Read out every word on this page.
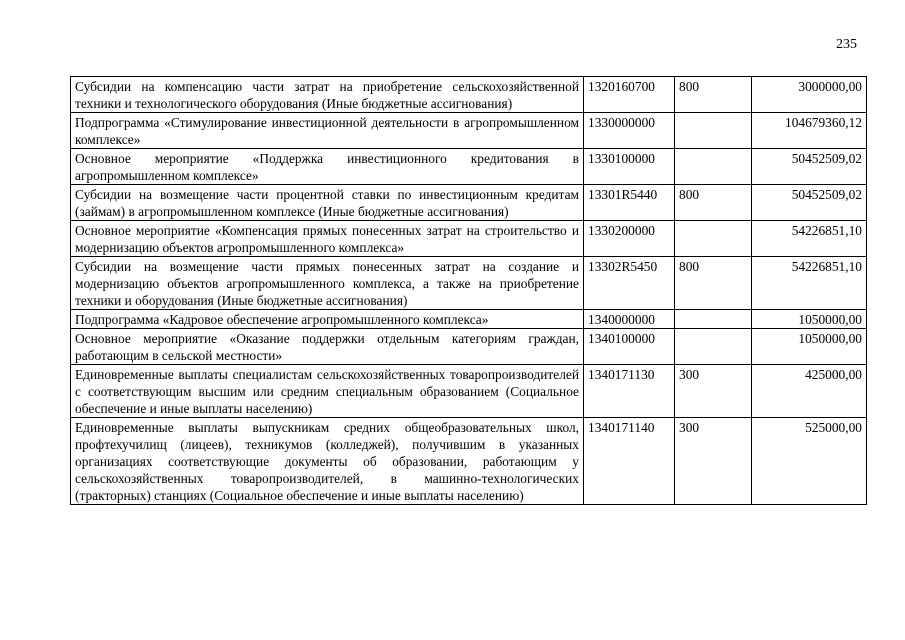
235
Субсидии на компенсацию части затрат на приобретение сельскохозяйственной техники и технологического оборудования (Иные бюджетные ассигнования)	1320160700	800	3000000,00
Подпрограмма «Стимулирование инвестиционной деятельности в агропромышленном комплексе»	1330000000		104679360,12
Основное мероприятие «Поддержка инвестиционного кредитования в агропромышленном комплексе»	1330100000		50452509,02
Субсидии на возмещение части процентной ставки по инвестиционным кредитам (займам) в агропромышленном комплексе (Иные бюджетные ассигнования)	13301R5440	800	50452509,02
Основное мероприятие «Компенсация прямых понесенных затрат на строительство и модернизацию объектов агропромышленного комплекса»	1330200000		54226851,10
Субсидии на возмещение части прямых понесенных затрат на создание и модернизацию объектов агропромышленного комплекса, а также на приобретение техники и оборудования (Иные бюджетные ассигнования)	13302R5450	800	54226851,10
Подпрограмма «Кадровое обеспечение агропромышленного комплекса»	1340000000		1050000,00
Основное мероприятие «Оказание поддержки отдельным категориям граждан, работающим в сельской местности»	1340100000		1050000,00
Единовременные выплаты специалистам сельскохозяйственных товаропроизводителей с соответствующим высшим или средним специальным образованием (Социальное обеспечение и иные выплаты населению)	1340171130	300	425000,00
Единовременные выплаты выпускникам средних общеобразовательных школ, профтехучилищ (лицеев), техникумов (колледжей), получившим в указанных организациях соответствующие документы об образовании, работающим у сельскохозяйственных товаропроизводителей, в машинно-технологических (тракторных) станциях (Социальное обеспечение и иные выплаты населению)	1340171140	300	525000,00
